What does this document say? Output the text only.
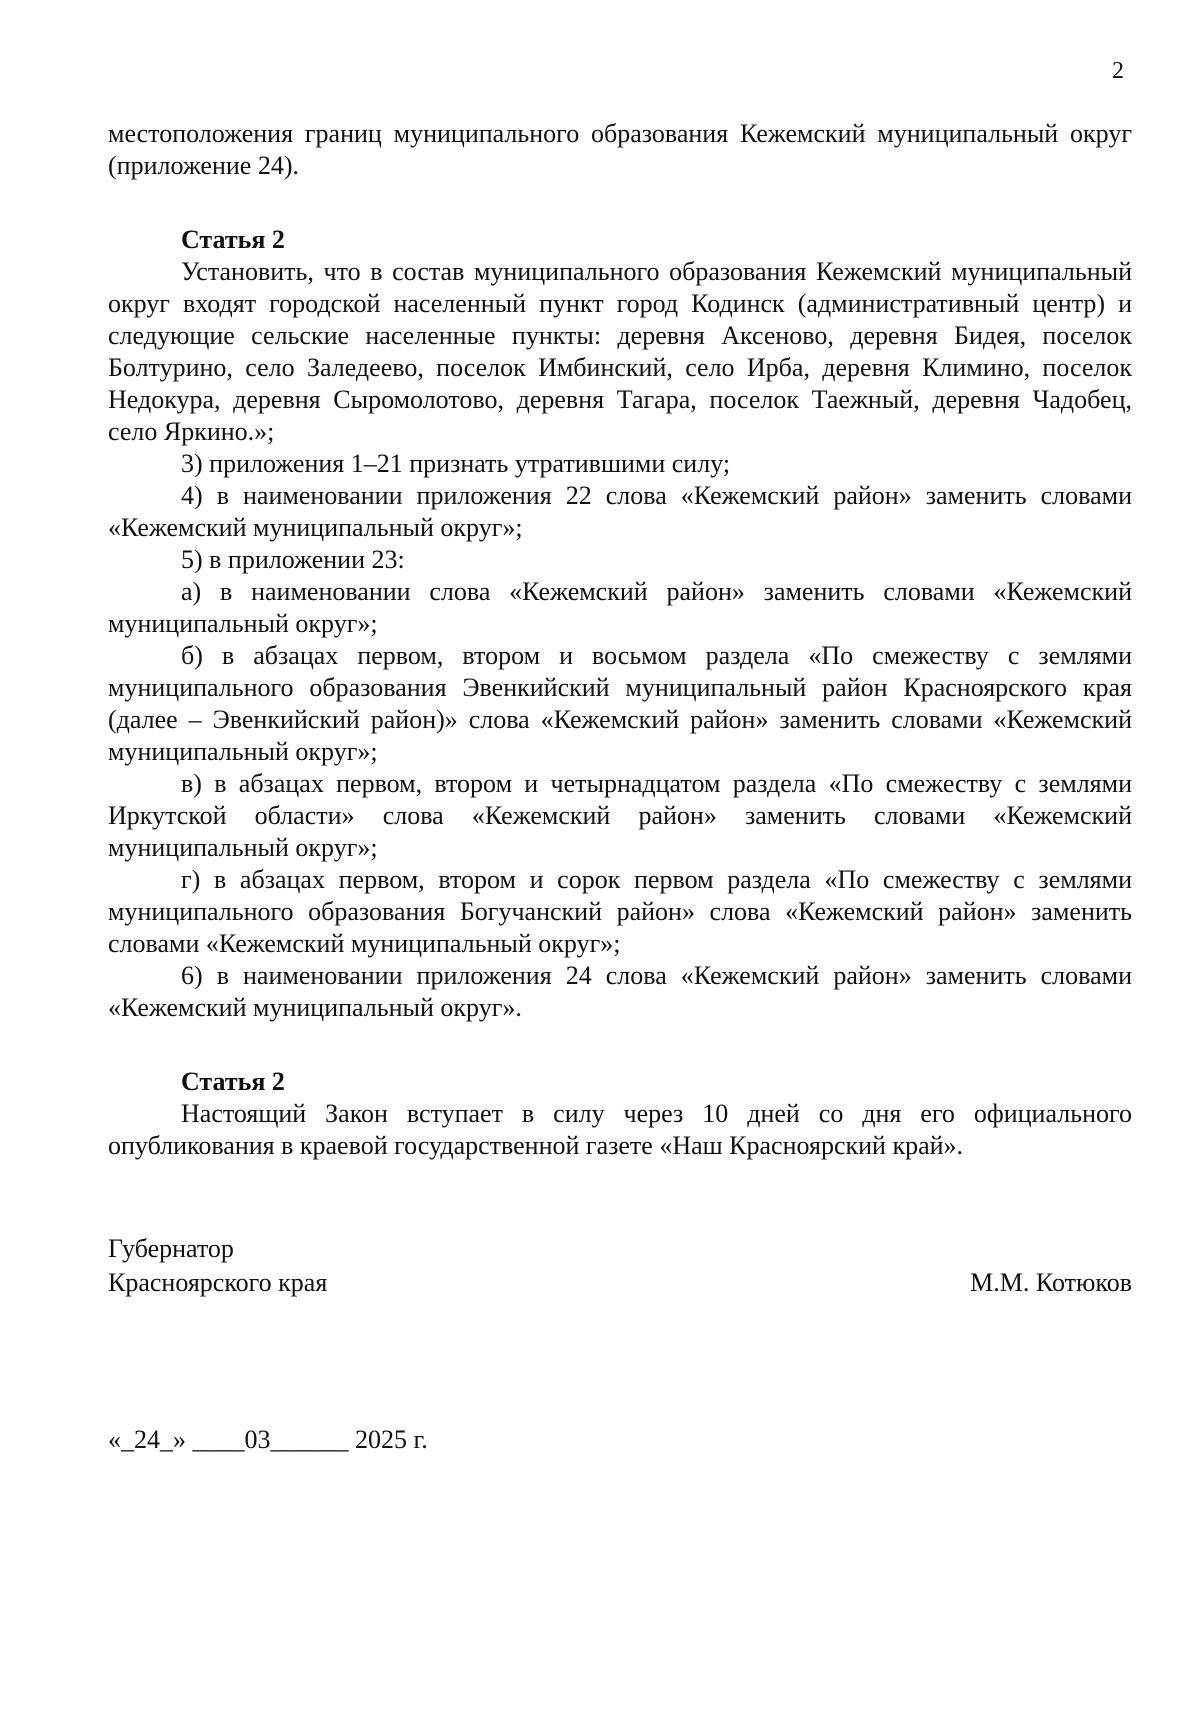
2

местоположения границ муниципального образования Кежемский муниципальный округ (приложение 24).

Статья 2

Установить, что в состав муниципального образования Кежемский муниципальный округ входят городской населенный пункт город Кодинск (административный центр) и следующие сельские населенные пункты: деревня Аксеново, деревня Бидея, поселок Болтурино, село Заледеево, поселок Имбинский, село Ирба, деревня Климино, поселок Недокура, деревня Сыромолотово, деревня Тагара, поселок Таежный, деревня Чадобец, село Яркино.»;

3) приложения 1–21 признать утратившими силу;

4) в наименовании приложения 22 слова «Кежемский район» заменить словами «Кежемский муниципальный округ»;

5) в приложении 23:

а) в наименовании слова «Кежемский район» заменить словами «Кежемский муниципальный округ»;

б) в абзацах первом, втором и восьмом раздела «По смежеству с землями муниципального образования Эвенкийский муниципальный район Красноярского края (далее – Эвенкийский район)» слова «Кежемский район» заменить словами «Кежемский муниципальный округ»;

в) в абзацах первом, втором и четырнадцатом раздела «По смежеству с землями Иркутской области» слова «Кежемский район» заменить словами «Кежемский муниципальный округ»;

г) в абзацах первом, втором и сорок первом раздела «По смежеству с землями муниципального образования Богучанский район» слова «Кежемский район» заменить словами «Кежемский муниципальный округ»;

6) в наименовании приложения 24 слова «Кежемский район» заменить словами «Кежемский муниципальный округ».

Статья 2

Настоящий Закон вступает в силу через 10 дней со дня его официального опубликования в краевой государственной газете «Наш Красноярский край».

Губернатор
Красноярского края	М.М. Котюков
«_24_» ____03______ 2025 г.
